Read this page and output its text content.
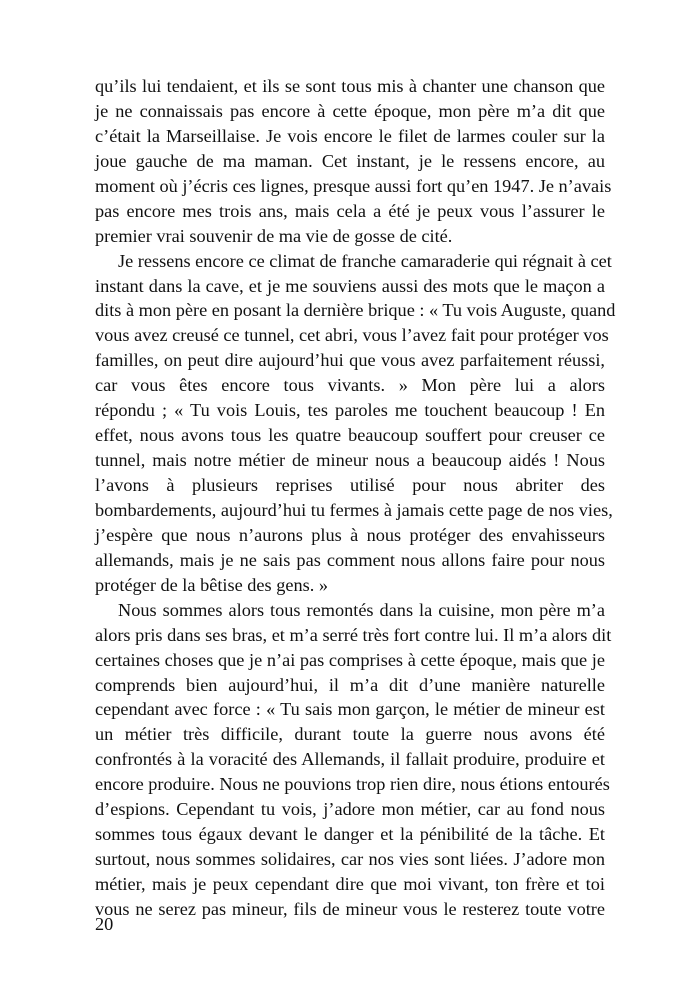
qu’ils lui tendaient, et ils se sont tous mis à chanter une chanson que
je ne connaissais pas encore à cette époque, mon père m’a dit que
c’était la Marseillaise. Je vois encore le filet de larmes couler sur la
joue gauche de ma maman. Cet instant, je le ressens encore, au
moment où j’écris ces lignes, presque aussi fort qu’en 1947. Je n’avais
pas encore mes trois ans, mais cela a été je peux vous l’assurer le
premier vrai souvenir de ma vie de gosse de cité.
Je ressens encore ce climat de franche camaraderie qui régnait à cet
instant dans la cave, et je me souviens aussi des mots que le maçon a
dits à mon père en posant la dernière brique : « Tu vois Auguste, quand
vous avez creusé ce tunnel, cet abri, vous l’avez fait pour protéger vos
familles, on peut dire aujourd’hui que vous avez parfaitement réussi,
car vous êtes encore tous vivants. » Mon père lui a alors
répondu ; « Tu vois Louis, tes paroles me touchent beaucoup ! En
effet, nous avons tous les quatre beaucoup souffert pour creuser ce
tunnel, mais notre métier de mineur nous a beaucoup aidés ! Nous
l’avons à plusieurs reprises utilisé pour nous abriter des
bombardements, aujourd’hui tu fermes à jamais cette page de nos vies,
j’espère que nous n’aurons plus à nous protéger des envahisseurs
allemands, mais je ne sais pas comment nous allons faire pour nous
protéger de la bêtise des gens. »
Nous sommes alors tous remontés dans la cuisine, mon père m’a
alors pris dans ses bras, et m’a serré très fort contre lui. Il m’a alors dit
certaines choses que je n’ai pas comprises à cette époque, mais que je
comprends bien aujourd’hui, il m’a dit d’une manière naturelle
cependant avec force : « Tu sais mon garçon, le métier de mineur est
un métier très difficile, durant toute la guerre nous avons été
confrontés à la voracité des Allemands, il fallait produire, produire et
encore produire. Nous ne pouvions trop rien dire, nous étions entourés
d’espions. Cependant tu vois, j’adore mon métier, car au fond nous
sommes tous égaux devant le danger et la pénibilité de la tâche. Et
surtout, nous sommes solidaires, car nos vies sont liées. J’adore mon
métier, mais je peux cependant dire que moi vivant, ton frère et toi
vous ne serez pas mineur, fils de mineur vous le resterez toute votre
20
